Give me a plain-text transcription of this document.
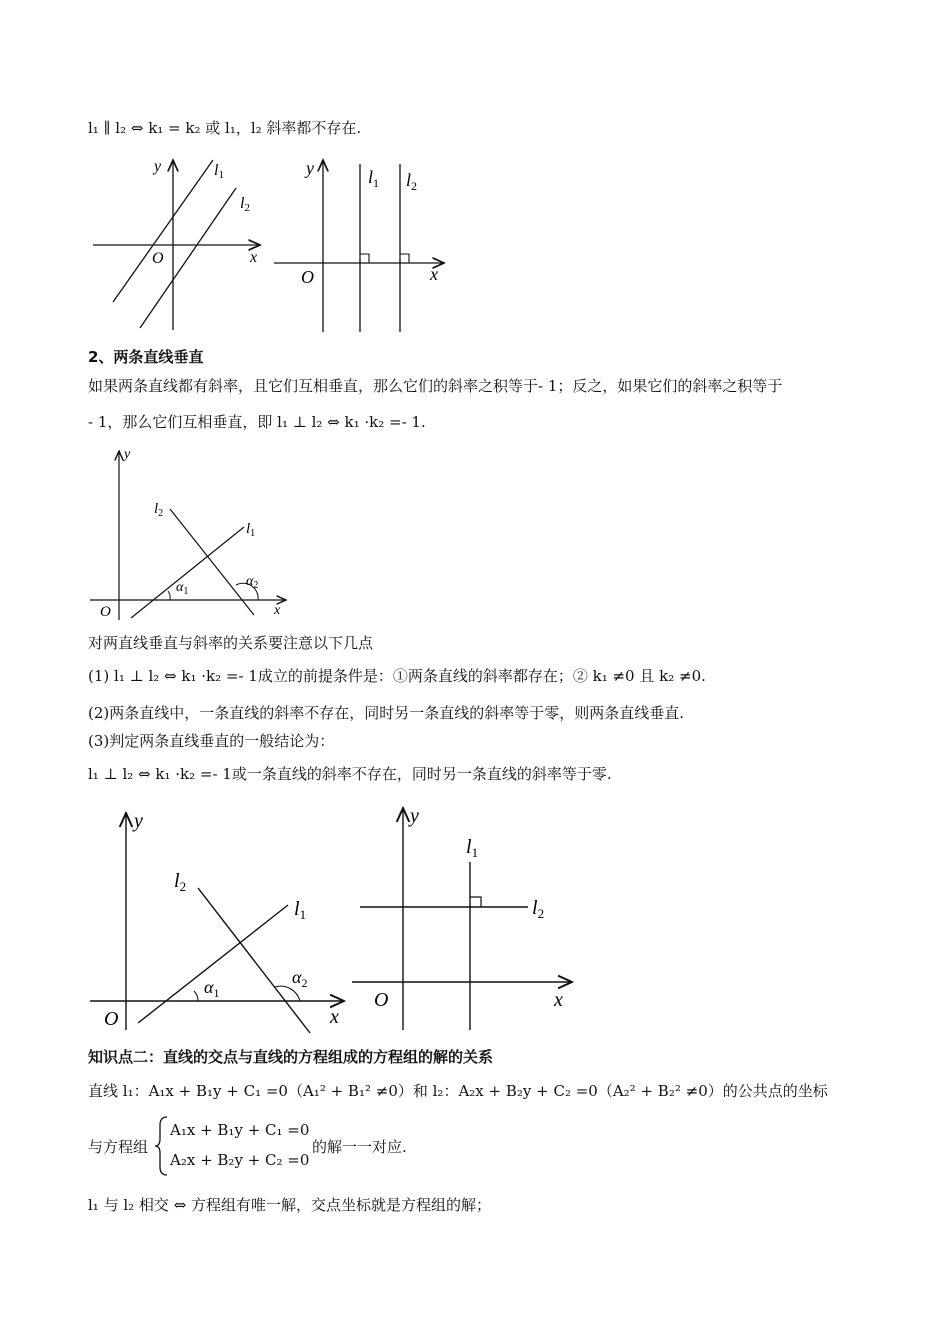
l₁ ∥ l₂ ⇔ k₁ = k₂ 或 l₁，l₂ 斜率都不存在.
y
x
O
l1
l2
y
x
O
$l_1$ $l_2$
2、两条直线垂直
如果两条直线都有斜率，且它们互相垂直，那么它们的斜率之积等于- 1；反之，如果它们的斜率之积等于
- 1，那么它们互相垂直，即 l₁ ⊥ l₂ ⇔ k₁ ·k₂ =- 1.
y
x
O
$l_2$
$l_1$
$\alpha_1$
$\alpha_2$
对两直线垂直与斜率的关系要注意以下几点
(1) l₁ ⊥ l₂ ⇔ k₁ ·k₂ =- 1成立的前提条件是：①两条直线的斜率都存在；② k₁ ≠0 且 k₂ ≠0.
(2)两条直线中，一条直线的斜率不存在，同时另一条直线的斜率等于零，则两条直线垂直.
(3)判定两条直线垂直的一般结论为：
l₁ ⊥ l₂ ⇔ k₁ ·k₂ =- 1或一条直线的斜率不存在，同时另一条直线的斜率等于零.
y
x
O
$l_2$
$l_1$
$\alpha_1$
$\alpha_2$
y
x
O
$l_1$
$l_2$
知识点二：直线的交点与直线的方程组成的方程组的解的关系
直线 l₁：A₁x + B₁y + C₁ =0（A₁² + B₁² ≠0）和 l₂：A₂x + B₂y + C₂ =0（A₂² + B₂² ≠0）的公共点的坐标
与方程组
A₁x + B₁y + C₁ =0
A₂x + B₂y + C₂ =0
的解一一对应.
l₁ 与 l₂ 相交 ⇔ 方程组有唯一解，交点坐标就是方程组的解；
